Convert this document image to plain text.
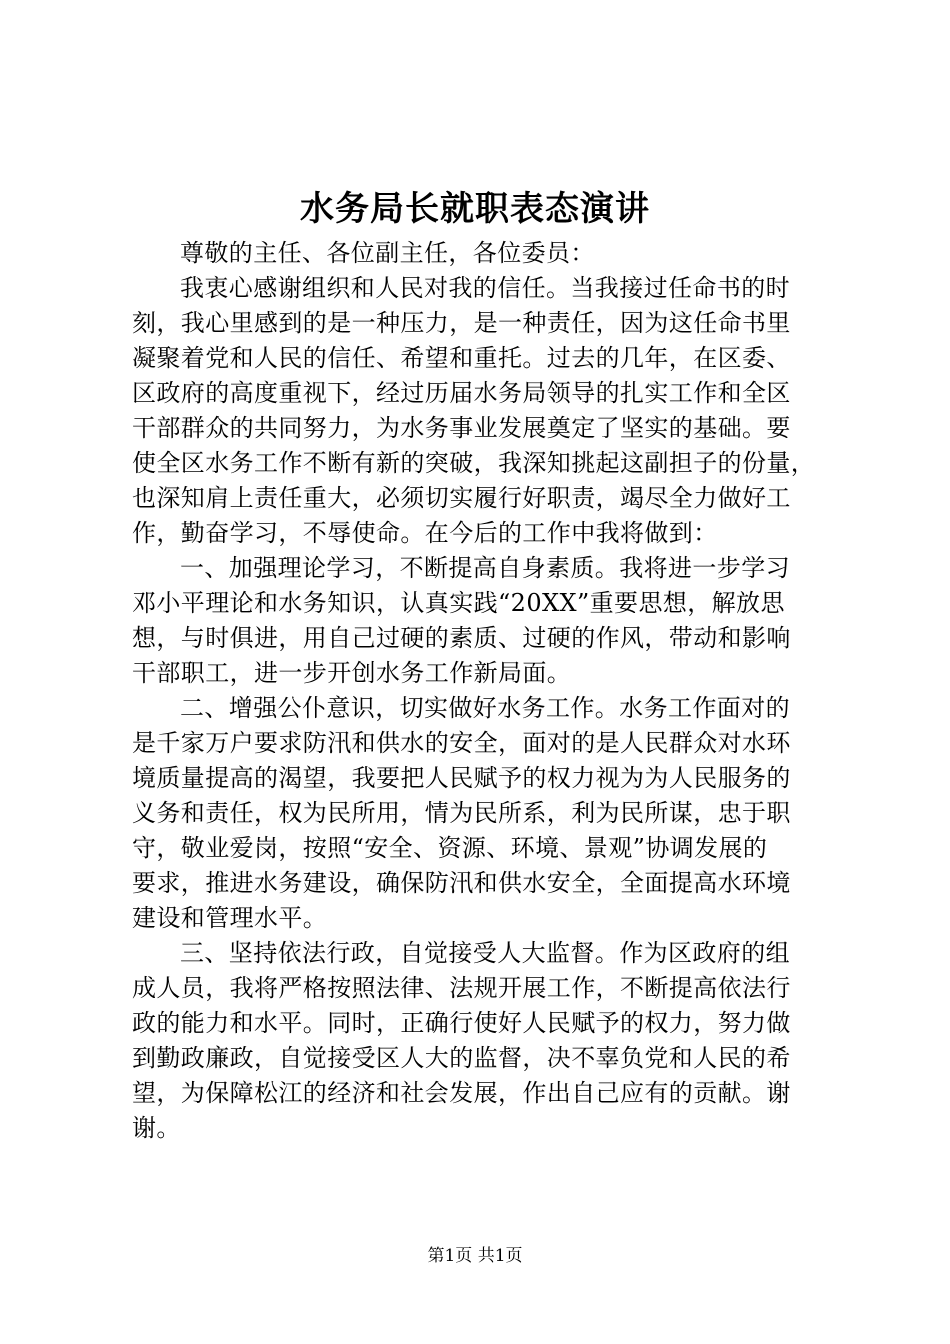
水务局长就职表态演讲
尊敬的主任、各位副主任，各位委员：
我衷心感谢组织和人民对我的信任。当我接过任命书的时
刻，我心里感到的是一种压力，是一种责任，因为这任命书里
凝聚着党和人民的信任、希望和重托。过去的几年，在区委、
区政府的高度重视下，经过历届水务局领导的扎实工作和全区
干部群众的共同努力，为水务事业发展奠定了坚实的基础。要
使全区水务工作不断有新的突破，我深知挑起这副担子的份量，
也深知肩上责任重大，必须切实履行好职责，竭尽全力做好工
作，勤奋学习，不辱使命。在今后的工作中我将做到：
一、加强理论学习，不断提高自身素质。我将进一步学习
邓小平理论和水务知识，认真实践“20XX”重要思想，解放思
想，与时俱进，用自己过硬的素质、过硬的作风，带动和影响
干部职工，进一步开创水务工作新局面。
二、增强公仆意识，切实做好水务工作。水务工作面对的
是千家万户要求防汛和供水的安全，面对的是人民群众对水环
境质量提高的渴望，我要把人民赋予的权力视为为人民服务的
义务和责任，权为民所用，情为民所系，利为民所谋，忠于职
守，敬业爱岗，按照“安全、资源、环境、景观”协调发展的
要求，推进水务建设，确保防汛和供水安全，全面提高水环境
建设和管理水平。
三、坚持依法行政，自觉接受人大监督。作为区政府的组
成人员，我将严格按照法律、法规开展工作，不断提高依法行
政的能力和水平。同时，正确行使好人民赋予的权力，努力做
到勤政廉政，自觉接受区人大的监督，决不辜负党和人民的希
望，为保障松江的经济和社会发展，作出自己应有的贡献。谢
谢。
第1页 共1页
